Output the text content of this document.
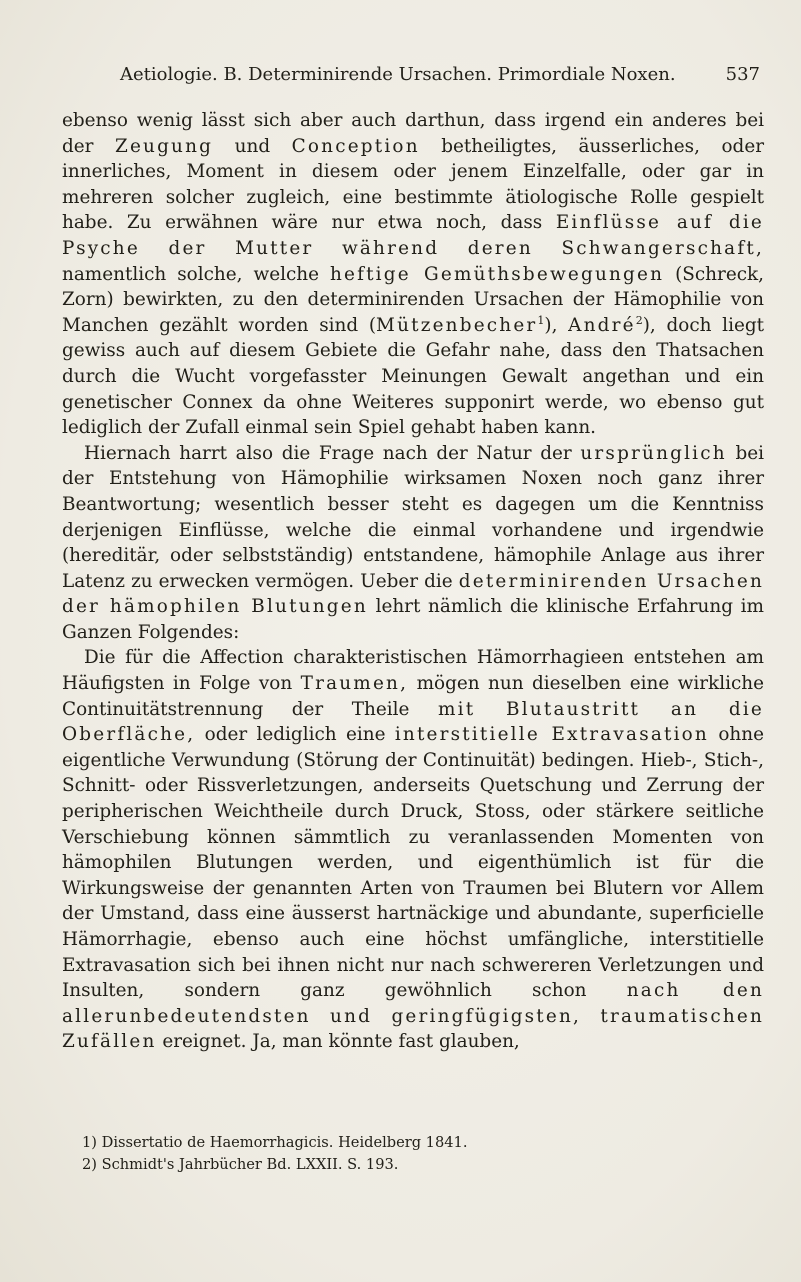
Aetiologie. B. Determinirende Ursachen. Primordiale Noxen.	537

ebenso wenig lässt sich aber auch darthun, dass irgend ein anderes bei der Zeugung und Conception betheiligtes, äusserliches, oder innerliches, Moment in diesem oder jenem Einzelfalle, oder gar in mehreren solcher zugleich, eine bestimmte ätiologische Rolle gespielt habe. Zu erwähnen wäre nur etwa noch, dass Einflüsse auf die Psyche der Mutter während deren Schwangerschaft, namentlich solche, welche heftige Gemüthsbewegungen (Schreck, Zorn) bewirkten, zu den determinirenden Ursachen der Hämophilie von Manchen gezählt worden sind (Mützenbecher$^1$), André$^2$), doch liegt gewiss auch auf diesem Gebiete die Gefahr nahe, dass den Thatsachen durch die Wucht vorgefasster Meinungen Gewalt angethan und ein genetischer Connex da ohne Weiteres supponirt werde, wo ebenso gut lediglich der Zufall einmal sein Spiel gehabt haben kann.

Hiernach harrt also die Frage nach der Natur der ursprünglich bei der Entstehung von Hämophilie wirksamen Noxen noch ganz ihrer Beantwortung; wesentlich besser steht es dagegen um die Kenntniss derjenigen Einflüsse, welche die einmal vorhandene und irgendwie (hereditär, oder selbstständig) entstandene, hämophile Anlage aus ihrer Latenz zu erwecken vermögen. Ueber die determinirenden Ursachen der hämophilen Blutungen lehrt nämlich die klinische Erfahrung im Ganzen Folgendes:

Die für die Affection charakteristischen Hämorrhagieen entstehen am Häufigsten in Folge von Traumen, mögen nun dieselben eine wirkliche Continuitätstrennung der Theile mit Blutaustritt an die Oberfläche, oder lediglich eine interstitielle Extravasation ohne eigentliche Verwundung (Störung der Continuität) bedingen. Hieb-, Stich-, Schnitt- oder Rissverletzungen, anderseits Quetschung und Zerrung der peripherischen Weichtheile durch Druck, Stoss, oder stärkere seitliche Verschiebung können sämmtlich zu veranlassenden Momenten von hämophilen Blutungen werden, und eigenthümlich ist für die Wirkungsweise der genannten Arten von Traumen bei Blutern vor Allem der Umstand, dass eine äusserst hartnäckige und abundante, superficielle Hämorrhagie, ebenso auch eine höchst umfängliche, interstitielle Extravasation sich bei ihnen nicht nur nach schwereren Verletzungen und Insulten, sondern ganz gewöhnlich schon nach den allerunbedeutendsten und geringfügigsten, traumatischen Zufällen ereignet. Ja, man könnte fast glauben,

1) Dissertatio de Haemorrhagicis. Heidelberg 1841.
2) Schmidt's Jahrbücher Bd. LXXII. S. 193.
